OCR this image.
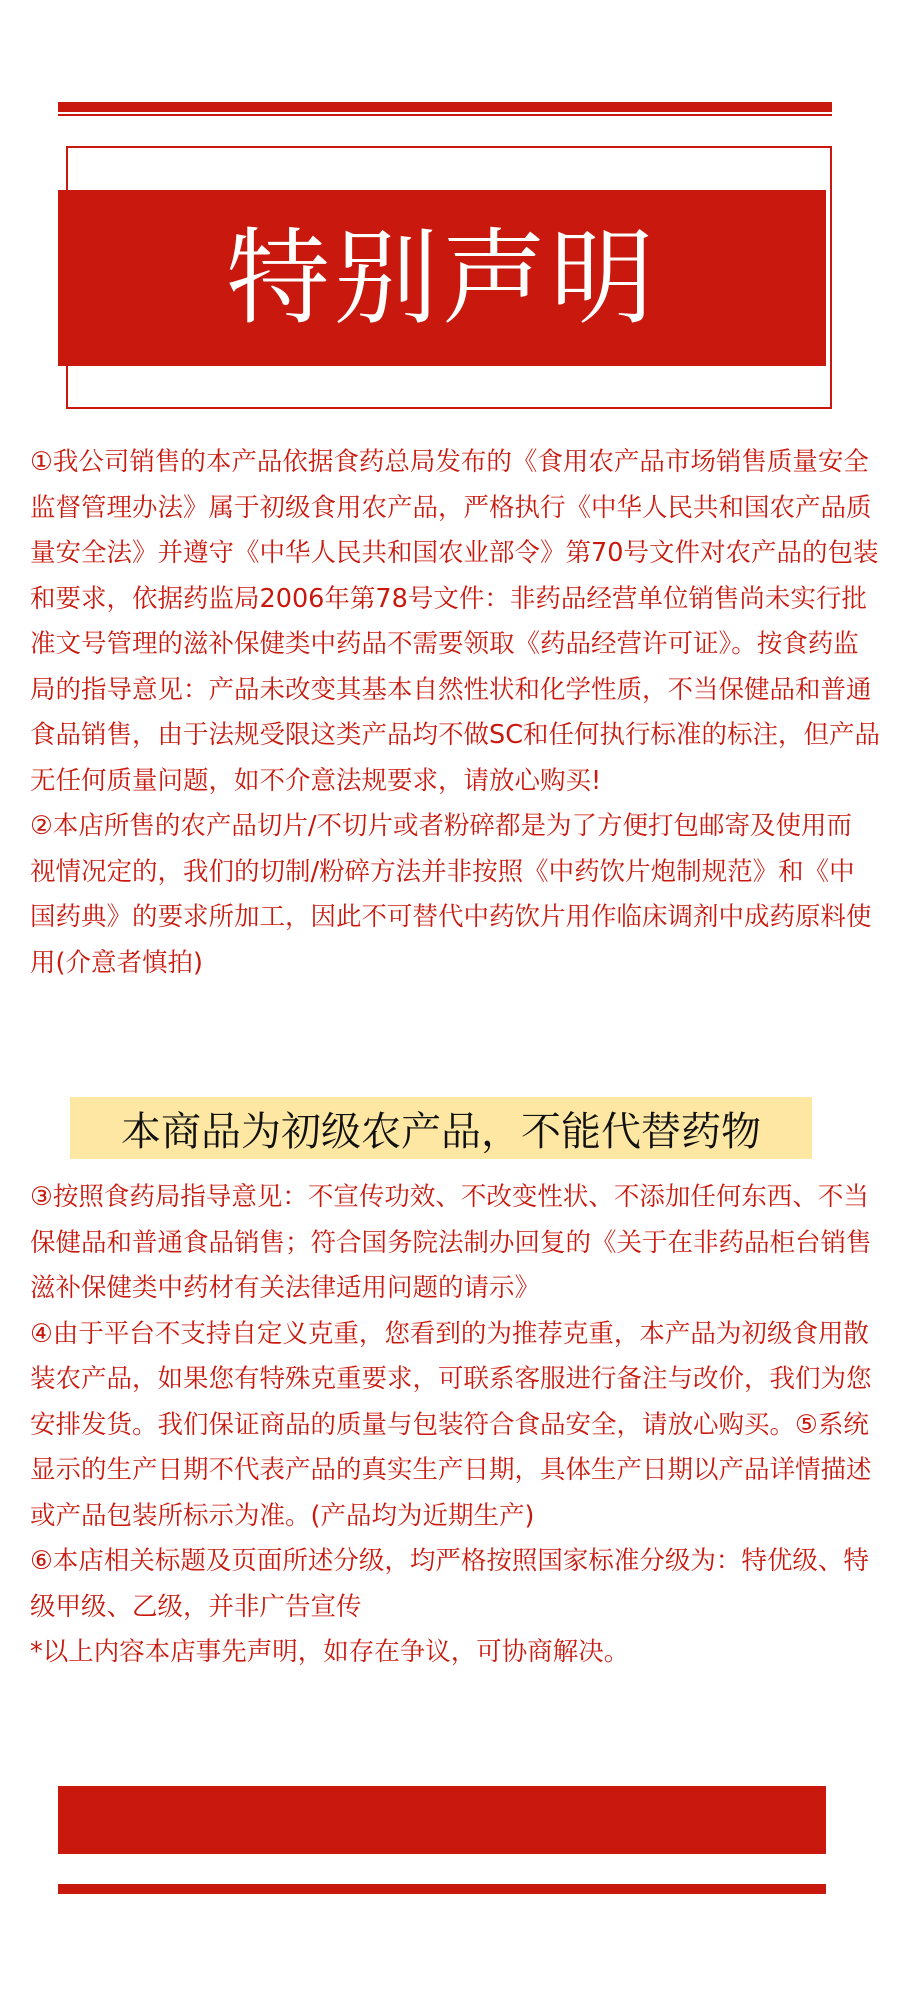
特别声明

①我公司销售的本产品依据食药总局发布的《食用农产品市场销售质量安全监督管理办法》属于初级食用农产品，严格执行《中华人民共和国农产品质量安全法》并遵守《中华人民共和国农业部令》第70号文件对农产品的包装和要求，依据药监局2006年第78号文件：非药品经营单位销售尚未实行批准文号管理的滋补保健类中药品不需要领取《药品经营许可证》。按食药监局的指导意见：产品未改变其基本自然性状和化学性质，不当保健品和普通食品销售，由于法规受限这类产品均不做SC和任何执行标准的标注，但产品无任何质量问题，如不介意法规要求，请放心购买!

②本店所售的农产品切片/不切片或者粉碎都是为了方便打包邮寄及使用而

视情况定的，我们的切制/粉碎方法并非按照《中药饮片炮制规范》和《中国药典》的要求所加工，因此不可替代中药饮片用作临床调剂中成药原料使用(介意者慎拍)

本商品为初级农产品，不能代替药物

③按照食药局指导意见：不宣传功效、不改变性状、不添加任何东西、不当保健品和普通食品销售；符合国务院法制办回复的《关于在非药品柜台销售滋补保健类中药材有关法律适用问题的请示》

④由于平台不支持自定义克重，您看到的为推荐克重，本产品为初级食用散装农产品，如果您有特殊克重要求，可联系客服进行备注与改价，我们为您安排发货。我们保证商品的质量与包装符合食品安全，请放心购买。⑤系统显示的生产日期不代表产品的真实生产日期，具体生产日期以产品详情描述或产品包装所标示为准。(产品均为近期生产)

⑥本店相关标题及页面所述分级，均严格按照国家标准分级为：特优级、特级甲级、乙级，并非广告宣传

*以上内容本店事先声明，如存在争议，可协商解决。
